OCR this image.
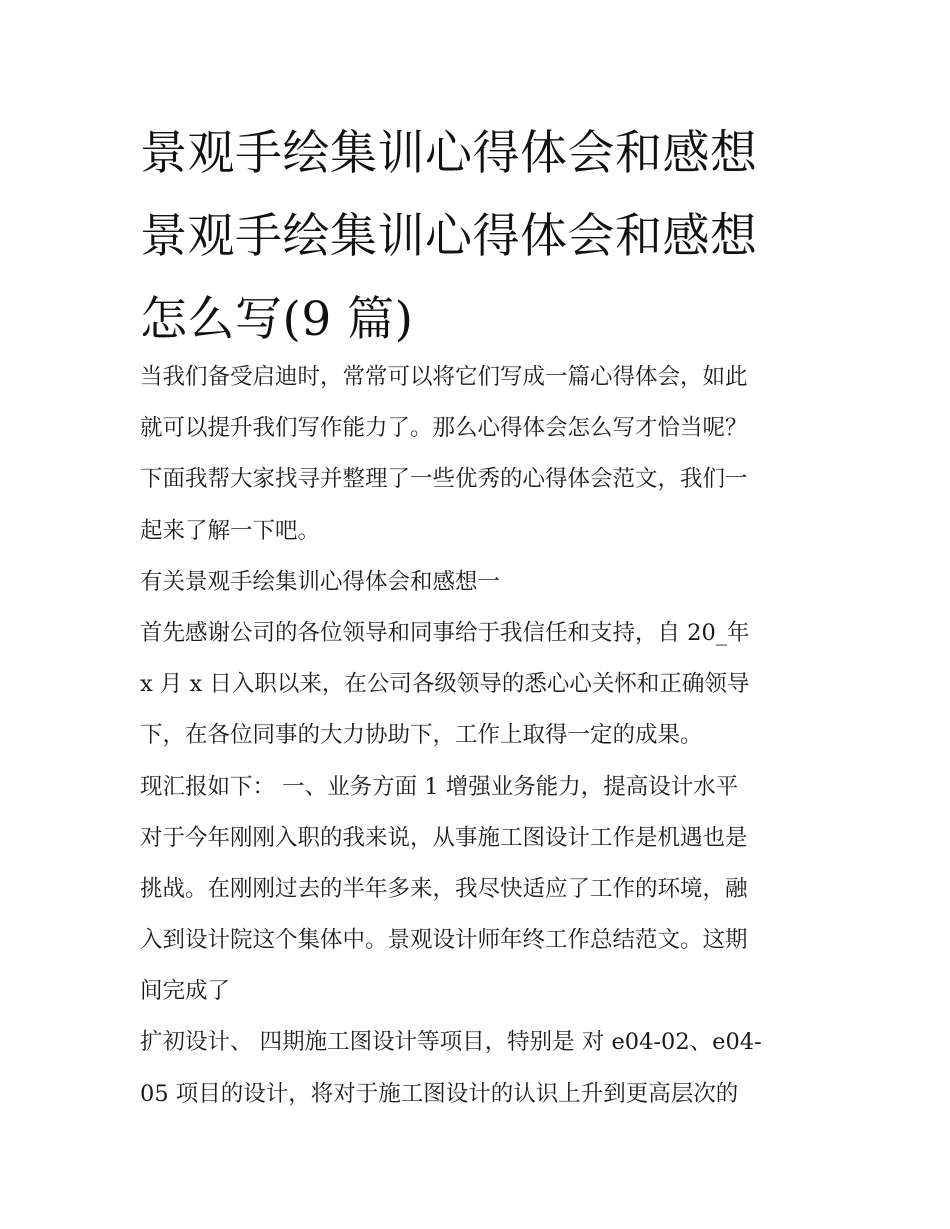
景观手绘集训心得体会和感想
景观手绘集训心得体会和感想
怎么写(9 篇)
当我们备受启迪时，常常可以将它们写成一篇心得体会，如此
就可以提升我们写作能力了。那么心得体会怎么写才恰当呢？
下面我帮大家找寻并整理了一些优秀的心得体会范文，我们一
起来了解一下吧。
有关景观手绘集训心得体会和感想一
首先感谢公司的各位领导和同事给于我信任和支持，自 20_年
x 月 x 日入职以来，在公司各级领导的悉心心关怀和正确领导
下，在各位同事的大力协助下，工作上取得一定的成果。
现汇报如下： 一、业务方面 1 增强业务能力，提高设计水平
对于今年刚刚入职的我来说，从事施工图设计工作是机遇也是
挑战。在刚刚过去的半年多来，我尽快适应了工作的环境，融
入到设计院这个集体中。景观设计师年终工作总结范文。这期
间完成了
扩初设计、 四期施工图设计等项目，特别是 对 e04-02、e04-
05 项目的设计，将对于施工图设计的认识上升到更高层次的
